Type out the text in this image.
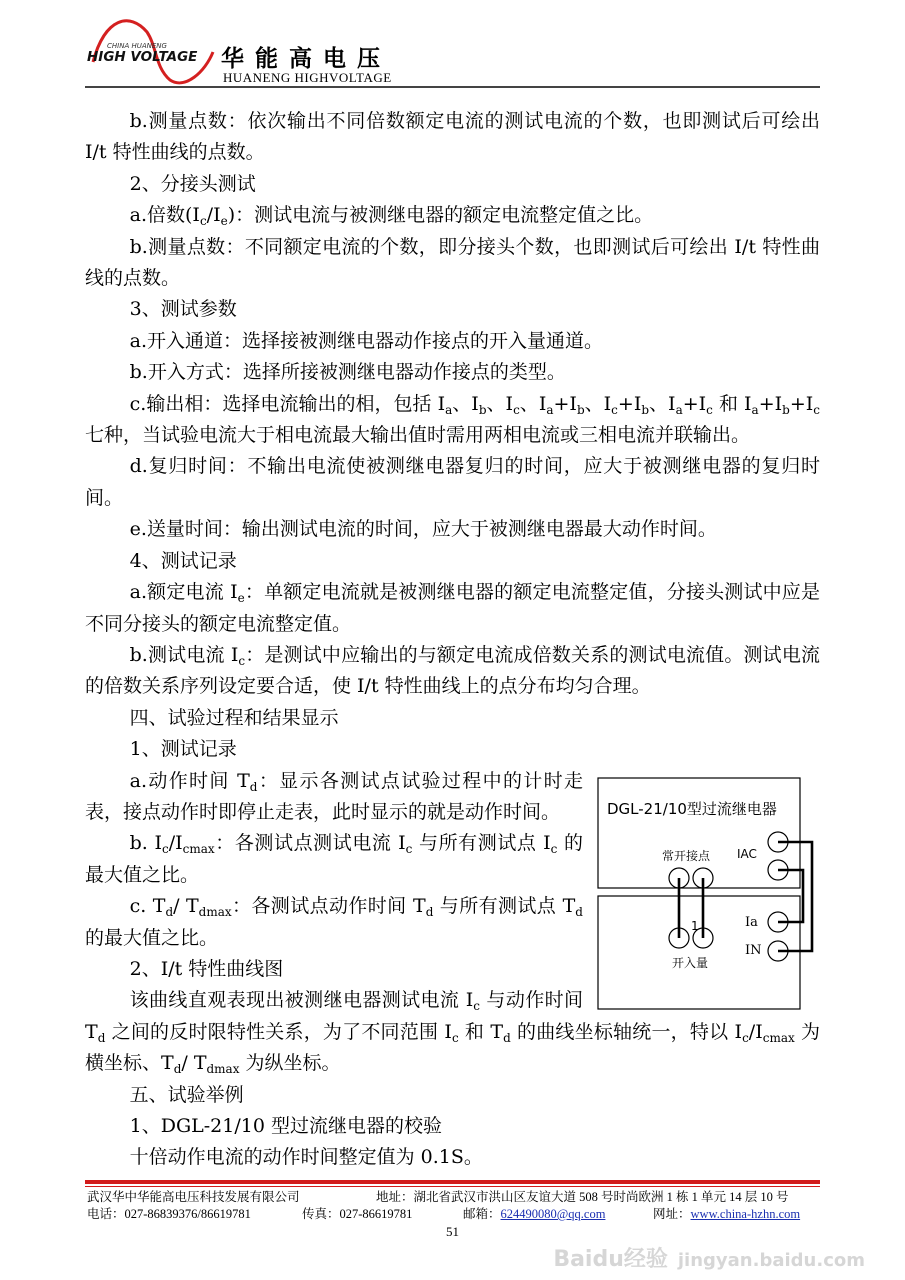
CHINA HUANENG
HIGH VOLTAGE 华能高电压
HUANENG HIGHVOLTAGE

b.测量点数：依次输出不同倍数额定电流的测试电流的个数，也即测试后可绘出 I/t 特性曲线的点数。

2、分接头测试

a.倍数$(I_c/I_e)$：测试电流与被测继电器的额定电流整定值之比。

b.测量点数：不同额定电流的个数，即分接头个数，也即测试后可绘出 I/t 特性曲线的点数。

3、测试参数

a.开入通道：选择接被测继电器动作接点的开入量通道。

b.开入方式：选择所接被测继电器动作接点的类型。

c.输出相：选择电流输出的相，包括 $I_a$、$I_b$、$I_c$、$I_a+I_b$、$I_c+I_b$、$I_a+I_c$ 和 $I_a+I_b+I_c$ 七种，当试验电流大于相电流最大输出值时需用两相电流或三相电流并联输出。

d.复归时间：不输出电流使被测继电器复归的时间，应大于被测继电器的复归时间。

e.送量时间：输出测试电流的时间，应大于被测继电器最大动作时间。

4、测试记录

a.额定电流 $I_e$：单额定电流就是被测继电器的额定电流整定值，分接头测试中应是不同分接头的额定电流整定值。

b.测试电流 $I_c$：是测试中应输出的与额定电流成倍数关系的测试电流值。测试电流的倍数关系序列设定要合适，使 I/t 特性曲线上的点分布均匀合理。

四、试验过程和结果显示

1、测试记录

DGL-21/10型过流继电器
常开接点 IAC
Ia
IN
1
开入量

a.动作时间 $T_d$：显示各测试点试验过程中的计时走表，接点动作时即停止走表，此时显示的就是动作时间。

b. $I_c/I_{cmax}$：各测试点测试电流 $I_c$ 与所有测试点 $I_c$ 的最大值之比。

c. $T_d/$ $T_{dmax}$：各测试点动作时间 $T_d$ 与所有测试点 $T_d$ 的最大值之比。

2、I/t 特性曲线图

该曲线直观表现出被测继电器测试电流 $I_c$ 与动作时间 $T_d$ 之间的反时限特性关系，为了不同范围 $I_c$ 和 $T_d$ 的曲线坐标轴统一，特以 $I_c/I_{cmax}$ 为横坐标、$T_d/$ $T_{dmax}$ 为纵坐标。

五、试验举例

1、DGL-21/10 型过流继电器的校验

十倍动作电流的动作时间整定值为 0.1S。

武汉华中华能高电压科技发展有限公司	地址：湖北省武汉市洪山区友谊大道 508 号时尚欧洲 1 栋 1 单元 14 层 10 号
电话：027-86839376/86619781	传真：027-86619781	邮箱：624490080@qq.com	网址：www.china-hzhn.com
51
Baidu经验 jingyan.baidu.com
